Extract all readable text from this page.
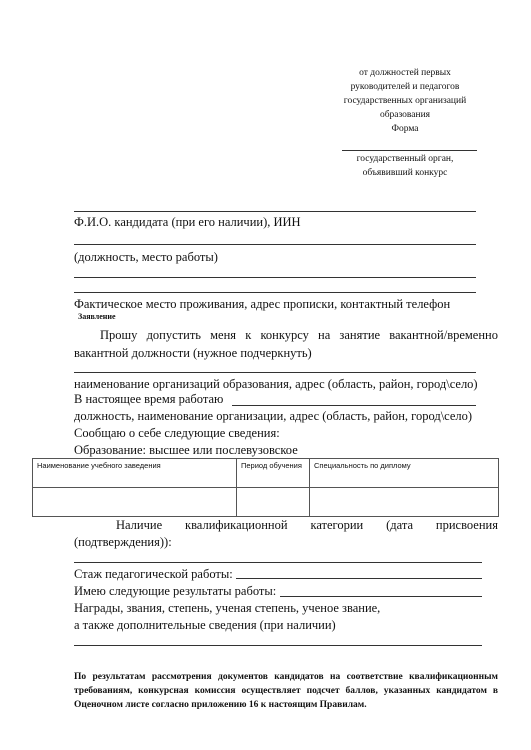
от должностей первых
руководителей и педагогов
государственных организаций
образования
Форма
государственный орган,
объявивший конкурс
Ф.И.О. кандидата (при его наличии), ИИН
(должность, место работы)
Фактическое место проживания, адрес прописки, контактный телефон
Заявление
Прошу допустить меня к конкурсу на занятие вакантной/временно
вакантной должности (нужное подчеркнуть)
наименование организаций образования, адрес (область, район, город\село)
В настоящее время работаю
должность, наименование организации, адрес (область, район, город\село)
Сообщаю о себе следующие сведения:
Образование: высшее или послевузовское
Наименование учебного заведения	Период обучения	Специальность по диплому

Наличие квалификационной категории (дата присвоения
(подтверждения)):
Стаж педагогической работы:
Имею следующие результаты работы:
Награды, звания, степень, ученая степень, ученое звание,
а также дополнительные сведения (при наличии)
По результатам рассмотрения документов кандидатов на соответствие квалификационным требованиям, конкурсная комиссия осуществляет подсчет баллов, указанных кандидатом в Оценочном листе согласно приложению 16 к настоящим Правилам.
